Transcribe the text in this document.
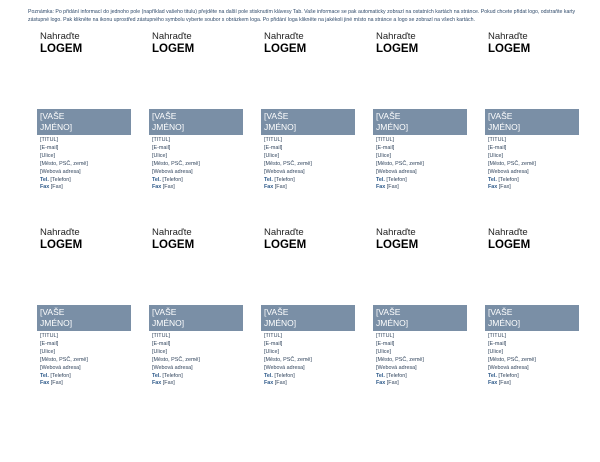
Poznámka: Po přidání informací do jednoho pole (například vašeho titulu) přejděte na další pole stisknutím klávesy Tab. Vaše informace se pak automaticky zobrazí na ostatních kartách na stránce. Pokud chcete přidat logo, odstraňte karty zástupné logo. Pak klikněte na ikonu uprostřed zástupného symbolu vyberte soubor s obrázkem loga. Po přidání loga klikněte na jakékoli jiné místo na stránce a logo se zobrazí na všech kartách.
Nahraďte
LOGEM
[VAŠE
JMÉNO]
[TITUL]
[E-mail]
[Ulice]
[Město, PSČ, země]
[Webová adresa]
Tel. [Telefon]
Fax [Fax]
Nahraďte
LOGEM
[VAŠE
JMÉNO]
[TITUL]
[E-mail]
[Ulice]
[Město, PSČ, země]
[Webová adresa]
Tel. [Telefon]
Fax [Fax]
Nahraďte
LOGEM
[VAŠE
JMÉNO]
[TITUL]
[E-mail]
[Ulice]
[Město, PSČ, země]
[Webová adresa]
Tel. [Telefon]
Fax [Fax]
Nahraďte
LOGEM
[VAŠE
JMÉNO]
[TITUL]
[E-mail]
[Ulice]
[Město, PSČ, země]
[Webová adresa]
Tel. [Telefon]
Fax [Fax]
Nahraďte
LOGEM
[VAŠE
JMÉNO]
[TITUL]
[E-mail]
[Ulice]
[Město, PSČ, země]
[Webová adresa]
Tel. [Telefon]
Fax [Fax]
Nahraďte
LOGEM
[VAŠE
JMÉNO]
[TITUL]
[E-mail]
[Ulice]
[Město, PSČ, země]
[Webová adresa]
Tel. [Telefon]
Fax [Fax]
Nahraďte
LOGEM
[VAŠE
JMÉNO]
[TITUL]
[E-mail]
[Ulice]
[Město, PSČ, země]
[Webová adresa]
Tel. [Telefon]
Fax [Fax]
Nahraďte
LOGEM
[VAŠE
JMÉNO]
[TITUL]
[E-mail]
[Ulice]
[Město, PSČ, země]
[Webová adresa]
Tel. [Telefon]
Fax [Fax]
Nahraďte
LOGEM
[VAŠE
JMÉNO]
[TITUL]
[E-mail]
[Ulice]
[Město, PSČ, země]
[Webová adresa]
Tel. [Telefon]
Fax [Fax]
Nahraďte
LOGEM
[VAŠE
JMÉNO]
[TITUL]
[E-mail]
[Ulice]
[Město, PSČ, země]
[Webová adresa]
Tel. [Telefon]
Fax [Fax]
